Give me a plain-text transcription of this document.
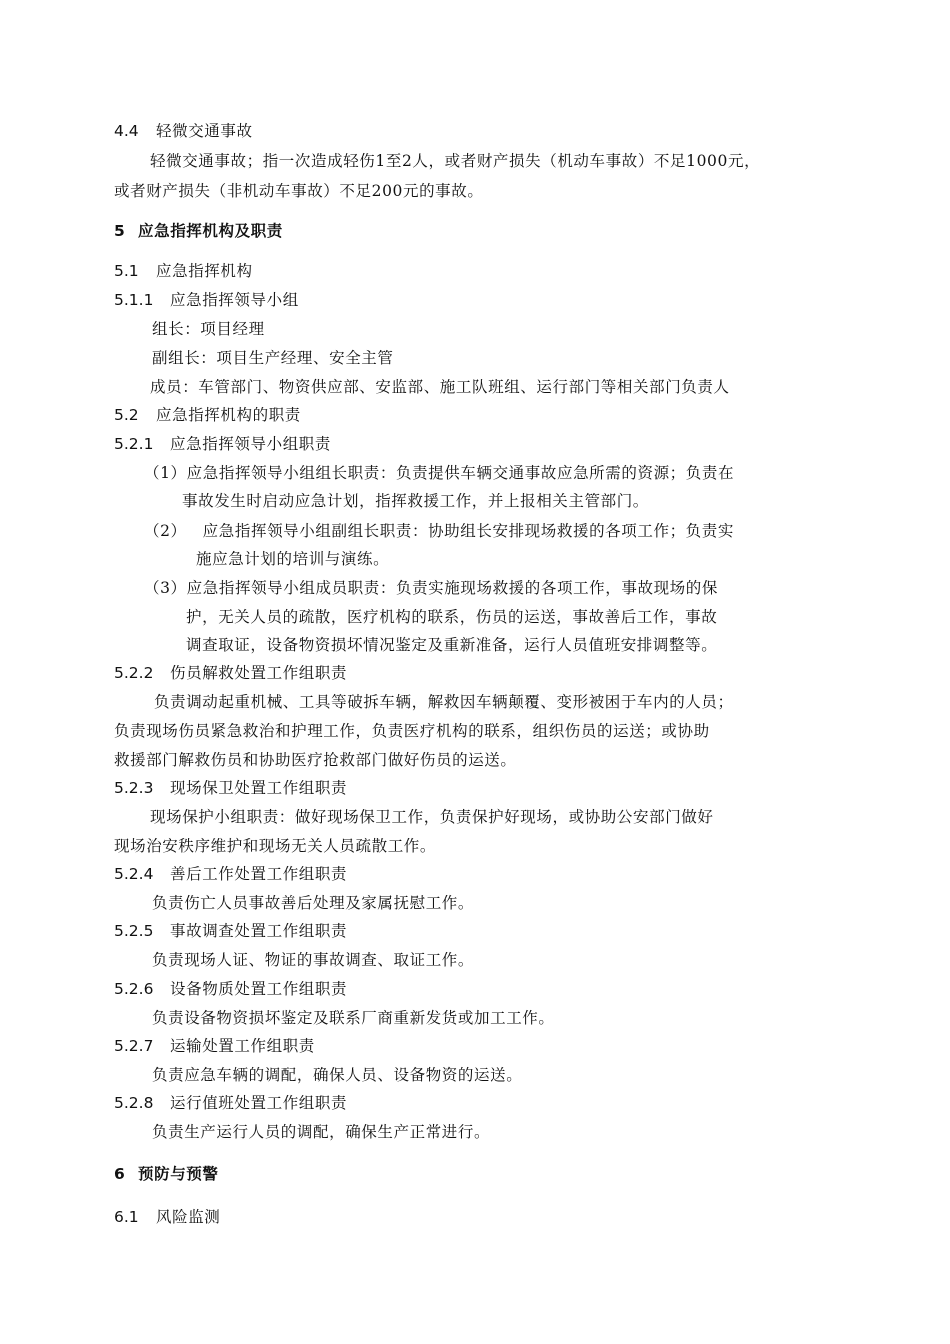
4.4 轻微交通事故
轻微交通事故；指一次造成轻伤1至2人，或者财产损失（机动车事故）不足1000元，
或者财产损失（非机动车事故）不足200元的事故。
5 应急指挥机构及职责
5.1 应急指挥机构
5.1.1 应急指挥领导小组
组长：项目经理
副组长：项目生产经理、安全主管
成员：车管部门、物资供应部、安监部、施工队班组、运行部门等相关部门负责人
5.2 应急指挥机构的职责
5.2.1 应急指挥领导小组职责
（1）应急指挥领导小组组长职责：负责提供车辆交通事故应急所需的资源；负责在
事故发生时启动应急计划，指挥救援工作，并上报相关主管部门。
（2） 应急指挥领导小组副组长职责：协助组长安排现场救援的各项工作；负责实
施应急计划的培训与演练。
（3）应急指挥领导小组成员职责：负责实施现场救援的各项工作，事故现场的保
护，无关人员的疏散，医疗机构的联系，伤员的运送，事故善后工作，事故
调查取证，设备物资损坏情况鉴定及重新准备，运行人员值班安排调整等。
5.2.2 伤员解救处置工作组职责
负责调动起重机械、工具等破拆车辆，解救因车辆颠覆、变形被困于车内的人员；
负责现场伤员紧急救治和护理工作，负责医疗机构的联系，组织伤员的运送；或协助
救援部门解救伤员和协助医疗抢救部门做好伤员的运送。
5.2.3 现场保卫处置工作组职责
现场保护小组职责：做好现场保卫工作，负责保护好现场，或协助公安部门做好
现场治安秩序维护和现场无关人员疏散工作。
5.2.4 善后工作处置工作组职责
负责伤亡人员事故善后处理及家属抚慰工作。
5.2.5 事故调查处置工作组职责
负责现场人证、物证的事故调查、取证工作。
5.2.6 设备物质处置工作组职责
负责设备物资损坏鉴定及联系厂商重新发货或加工工作。
5.2.7 运输处置工作组职责
负责应急车辆的调配，确保人员、设备物资的运送。
5.2.8 运行值班处置工作组职责
负责生产运行人员的调配，确保生产正常进行。
6 预防与预警
6.1 风险监测
